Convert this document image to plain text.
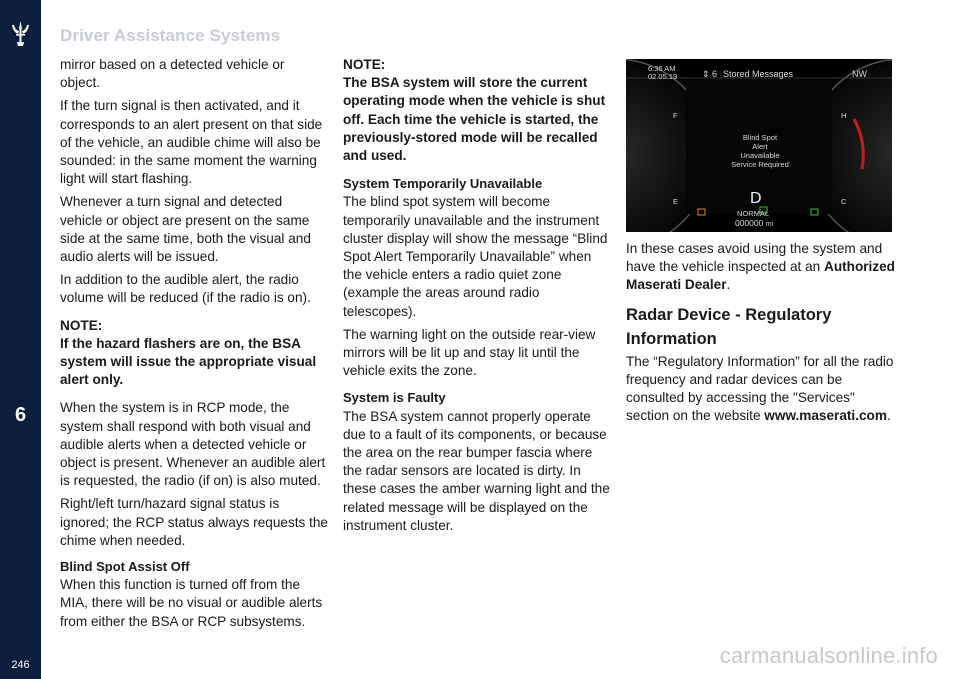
6
246
Driver Assistance Systems

mirror based on a detected vehicle or object.

If the turn signal is then activated, and it corresponds to an alert present on that side of the vehicle, an audible chime will also be sounded: in the same moment the warning light will start flashing.

Whenever a turn signal and detected vehicle or object are present on the same side at the same time, both the visual and audio alerts will be issued.

In addition to the audible alert, the radio volume will be reduced (if the radio is on).

NOTE:
If the hazard flashers are on, the BSA system will issue the appropriate visual alert only.

When the system is in RCP mode, the system shall respond with both visual and audible alerts when a detected vehicle or object is present. Whenever an audible alert is requested, the radio (if on) is also muted.

Right/left turn/hazard signal status is ignored; the RCP status always requests the chime when needed.

Blind Spot Assist Off

When this function is turned off from the MIA, there will be no visual or audible alerts from either the BSA or RCP subsystems.

NOTE:
The BSA system will store the current operating mode when the vehicle is shut off. Each time the vehicle is started, the previously-stored mode will be recalled and used.
System Temporarily Unavailable

The blind spot system will become temporarily unavailable and the instrument cluster display will show the message “Blind Spot Alert Temporarily Unavailable” when the vehicle enters a radio quiet zone (example the areas around radio telescopes).

The warning light on the outside rear-view mirrors will be lit up and stay lit until the vehicle exits the zone.

System is Faulty

The BSA system cannot properly operate due to a fault of its components, or because the area on the rear bumper fascia where the radar sensors are located is dirty. In these cases the amber warning light and the related message will be displayed on the instrument cluster.

6:36 AM
02.05.19	⇕ 6 Stored Messages	NW
Blind Spot
Alert
Unavailable
Service Required
F
E
H
C
D
NORMAL
000000 mi

In these cases avoid using the system and have the vehicle inspected at an Authorized Maserati Dealer.

Radar Device - Regulatory Information

The “Regulatory Information” for all the radio frequency and radar devices can be consulted by accessing the "Services" section on the website www.maserati.com.

carmanualsonline.info
